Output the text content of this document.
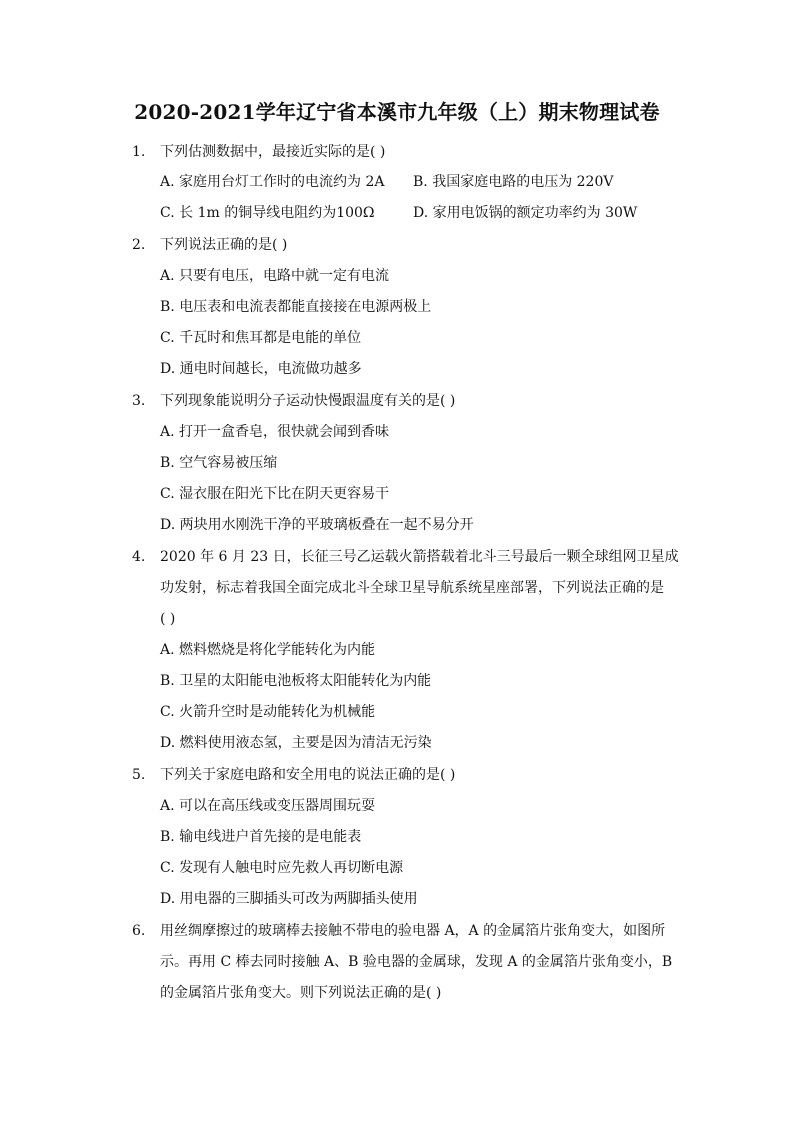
2020-2021学年辽宁省本溪市九年级（上）期末物理试卷
1. 下列估测数据中，最接近实际的是( )
A. 家庭用台灯工作时的电流约为 2A B. 我国家庭电路的电压为 220V
C. 长 1m 的铜导线电阻约为100Ω	D. 家用电饭锅的额定功率约为 30W
2. 下列说法正确的是( )
A. 只要有电压，电路中就一定有电流
B. 电压表和电流表都能直接接在电源两极上
C. 千瓦时和焦耳都是电能的单位
D. 通电时间越长，电流做功越多
3. 下列现象能说明分子运动快慢跟温度有关的是( )
A. 打开一盒香皂，很快就会闻到香味
B. 空气容易被压缩
C. 湿衣服在阳光下比在阴天更容易干
D. 两块用水刚洗干净的平玻璃板叠在一起不易分开
4. 2020 年 6 月 23 日，长征三号乙运载火箭搭载着北斗三号最后一颗全球组网卫星成
功发射，标志着我国全面完成北斗全球卫星导航系统星座部署，下列说法正确的是
( )
A. 燃料燃烧是将化学能转化为内能
B. 卫星的太阳能电池板将太阳能转化为内能
C. 火箭升空时是动能转化为机械能
D. 燃料使用液态氢，主要是因为清洁无污染
5. 下列关于家庭电路和安全用电的说法正确的是( )
A. 可以在高压线或变压器周围玩耍
B. 输电线进户首先接的是电能表
C. 发现有人触电时应先救人再切断电源
D. 用电器的三脚插头可改为两脚插头使用
6. 用丝绸摩擦过的玻璃棒去接触不带电的验电器 A，A 的金属箔片张角变大，如图所
示。再用 C 棒去同时接触 A、B 验电器的金属球，发现 A 的金属箔片张角变小，B
的金属箔片张角变大。则下列说法正确的是( )
